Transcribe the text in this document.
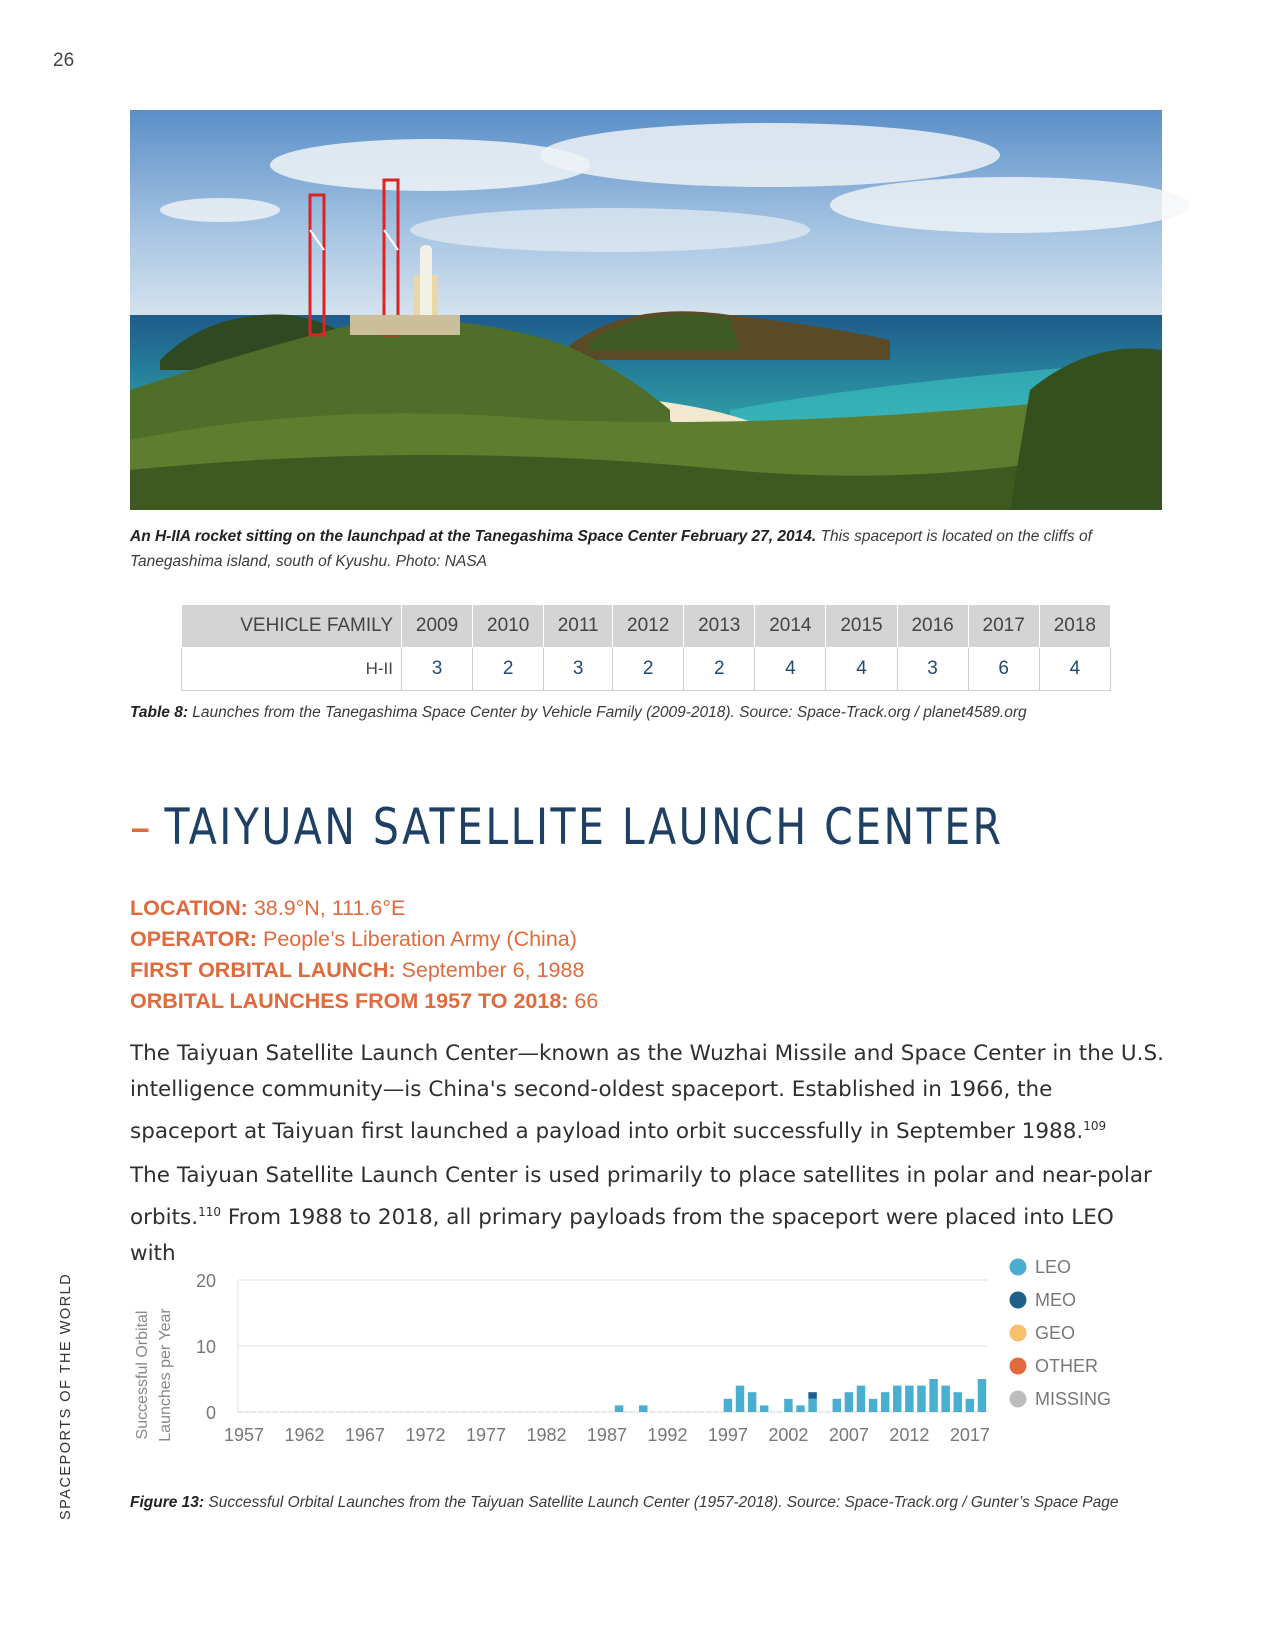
26
An H-IIA rocket sitting on the launchpad at the Tanegashima Space Center February 27, 2014. This spaceport is located on the cliffs of Tanegashima island, south of Kyushu. Photo: NASA
VEHICLE FAMILY	2009	2010	2011	2012	2013	2014	2015	2016	2017	2018
H-II	3	2	3	2	2	4	4	3	6	4
Table 8: Launches from the Tanegashima Space Center by Vehicle Family (2009-2018). Source: Space-Track.org / planet4589.org
– TAIYUAN SATELLITE LAUNCH CENTER
LOCATION: 38.9°N, 111.6°E
OPERATOR: People’s Liberation Army (China)
FIRST ORBITAL LAUNCH: September 6, 1988
ORBITAL LAUNCHES FROM 1957 TO 2018: 66

The Taiyuan Satellite Launch Center—known as the Wuzhai Missile and Space Center in the U.S. intelligence community—is China's second-oldest spaceport. Established in 1966, the spaceport at Taiyuan first launched a payload into orbit successfully in September 1988.$^{109}$

The Taiyuan Satellite Launch Center is used primarily to place satellites in polar and near-polar orbits.$^{110}$ From 1988 to 2018, all primary payloads from the spaceport were placed into LEO with

SPACEPORTS OF THE WORLD	0
10
20
1957 1962 1967 1972 1977 1982 1987 1992 1997 2002 2007 2012 2017
LEO
MEO
GEO
OTHER
MISSING
Successful Orbital Launches per Year
Figure 13: Successful Orbital Launches from the Taiyuan Satellite Launch Center (1957-2018). Source: Space-Track.org / Gunter’s Space Page
